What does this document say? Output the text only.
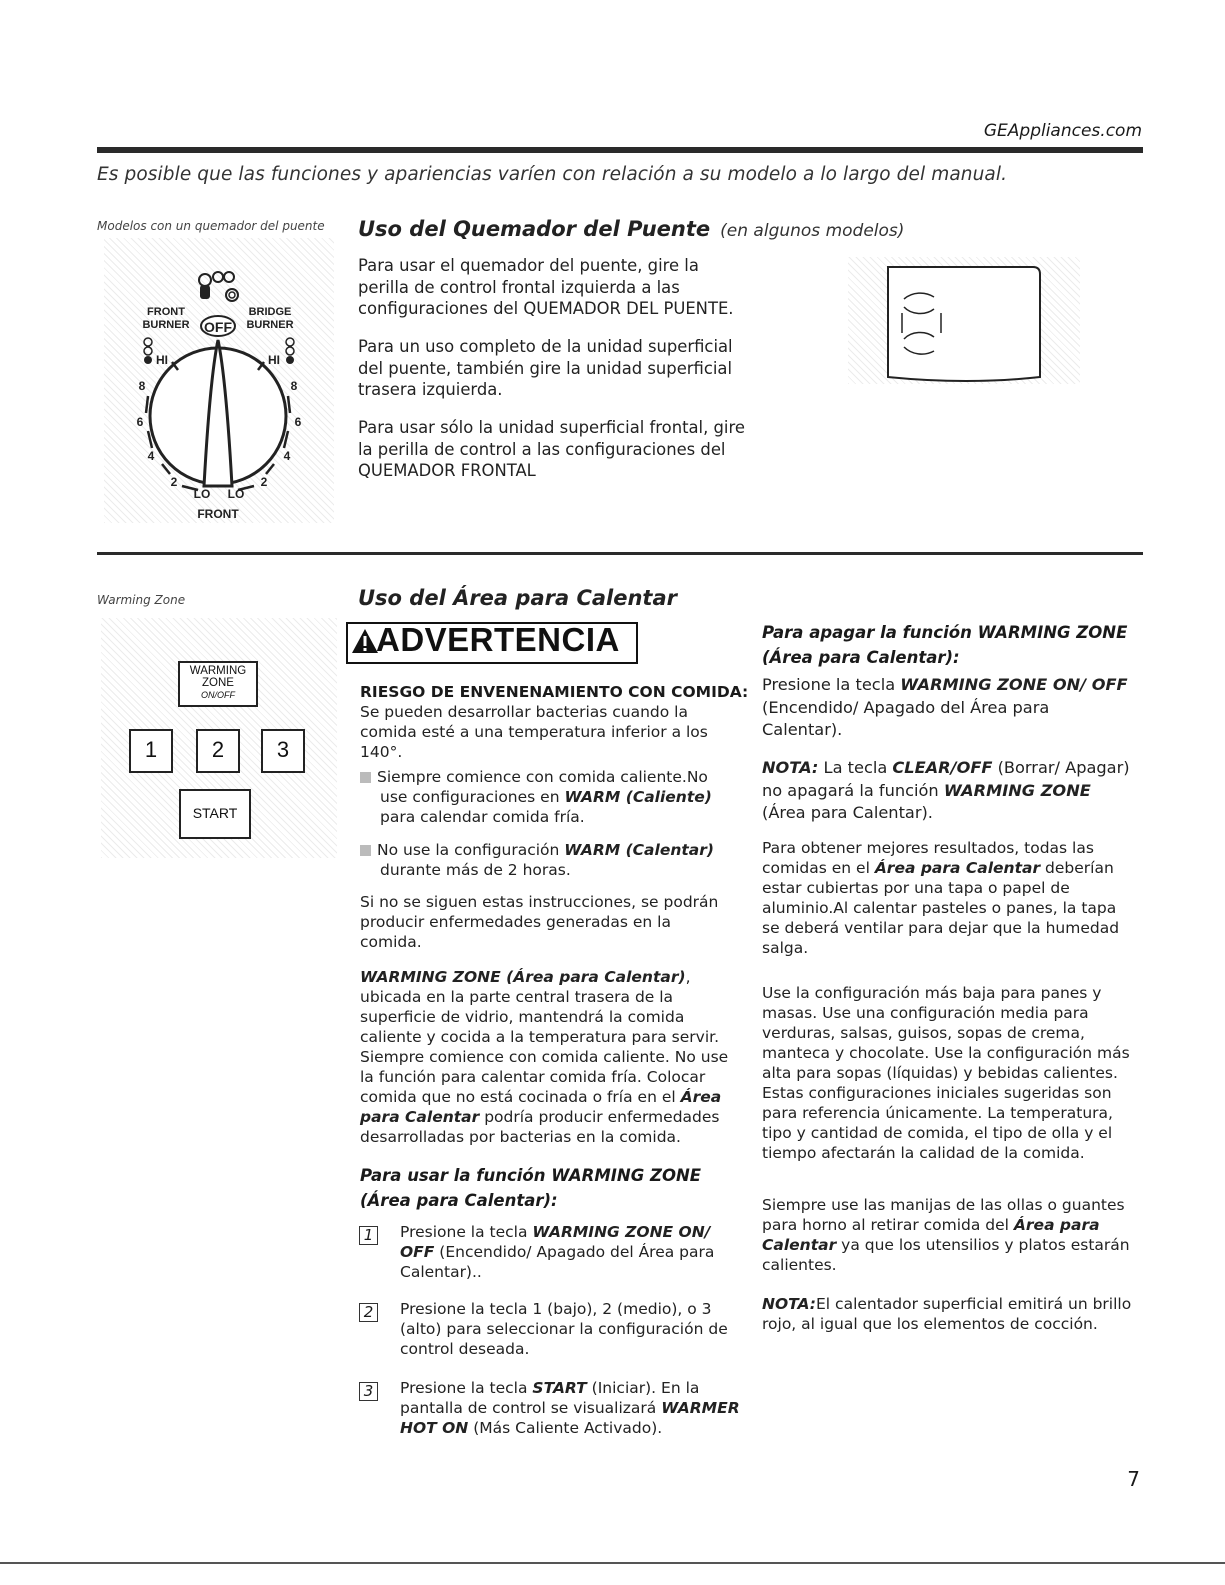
GEAppliances.com
Es posible que las funciones y apariencias varíen con relación a su modelo a lo largo del manual.
Modelos con un quemador del puente Uso del Quemador del Puente (en algunos modelos)
Para usar el quemador del puente, gire la perilla de control frontal izquierda a las configuraciones del QUEMADOR DEL PUENTE.
Para un uso completo de la unidad superficial del puente, también gire la unidad superficial trasera izquierda.
Para usar sólo la unidad superficial frontal, gire la perilla de control a las configuraciones del QUEMADOR FRONTAL
OFF
FRONT
BURNER
BRIDGE
BURNER
HI	HI
8
6
4
2
8
6
4
2
LO LO
FRONT
Warming Zone	Uso del Área para Calentar
WARMING
ZONE
ON/OFF
1	2	3
START
ADVERTENCIA
RIESGO DE ENVENENAMIENTO CON COMIDA:
Se pueden desarrollar bacterias cuando la comida esté a una temperatura inferior a los 140°.
Siempre comience con comida caliente.No use configuraciones en WARM (Caliente) para calendar comida fría.
No use la configuración WARM (Calentar) durante más de 2 horas.
Si no se siguen estas instrucciones, se podrán producir enfermedades generadas en la comida.
WARMING ZONE (Área para Calentar), ubicada en la parte central trasera de la superficie de vidrio, mantendrá la comida caliente y cocida a la temperatura para servir. Siempre comience con comida caliente. No use la función para calentar comida fría. Colocar comida que no está cocinada o fría en el Área para Calentar podría producir enfermedades desarrolladas por bacterias en la comida.
Para usar la función WARMING ZONE (Área para Calentar):
1	Presione la tecla WARMING ZONE ON/ OFF (Encendido/ Apagado del Área para Calentar)..
2	Presione la tecla 1 (bajo), 2 (medio), o 3 (alto) para seleccionar la configuración de control deseada.
3	Presione la tecla START (Iniciar). En la pantalla de control se visualizará WARMER HOT ON (Más Caliente Activado).
Para apagar la función WARMING ZONE (Área para Calentar):
Presione la tecla WARMING ZONE ON/ OFF (Encendido/ Apagado del Área para Calentar).
NOTA: La tecla CLEAR/OFF (Borrar/ Apagar) no apagará la función WARMING ZONE (Área para Calentar).
Para obtener mejores resultados, todas las comidas en el Área para Calentar deberían estar cubiertas por una tapa o papel de aluminio.Al calentar pasteles o panes, la tapa se deberá ventilar para dejar que la humedad salga.
Use la configuración más baja para panes y masas. Use una configuración media para verduras, salsas, guisos, sopas de crema, manteca y chocolate. Use la configuración más alta para sopas (líquidas) y bebidas calientes. Estas configuraciones iniciales sugeridas son para referencia únicamente. La temperatura, tipo y cantidad de comida, el tipo de olla y el tiempo afectarán la calidad de la comida.
Siempre use las manijas de las ollas o guantes para horno al retirar comida del Área para Calentar ya que los utensilios y platos estarán calientes.
NOTA:El calentador superficial emitirá un brillo rojo, al igual que los elementos de cocción.
7
